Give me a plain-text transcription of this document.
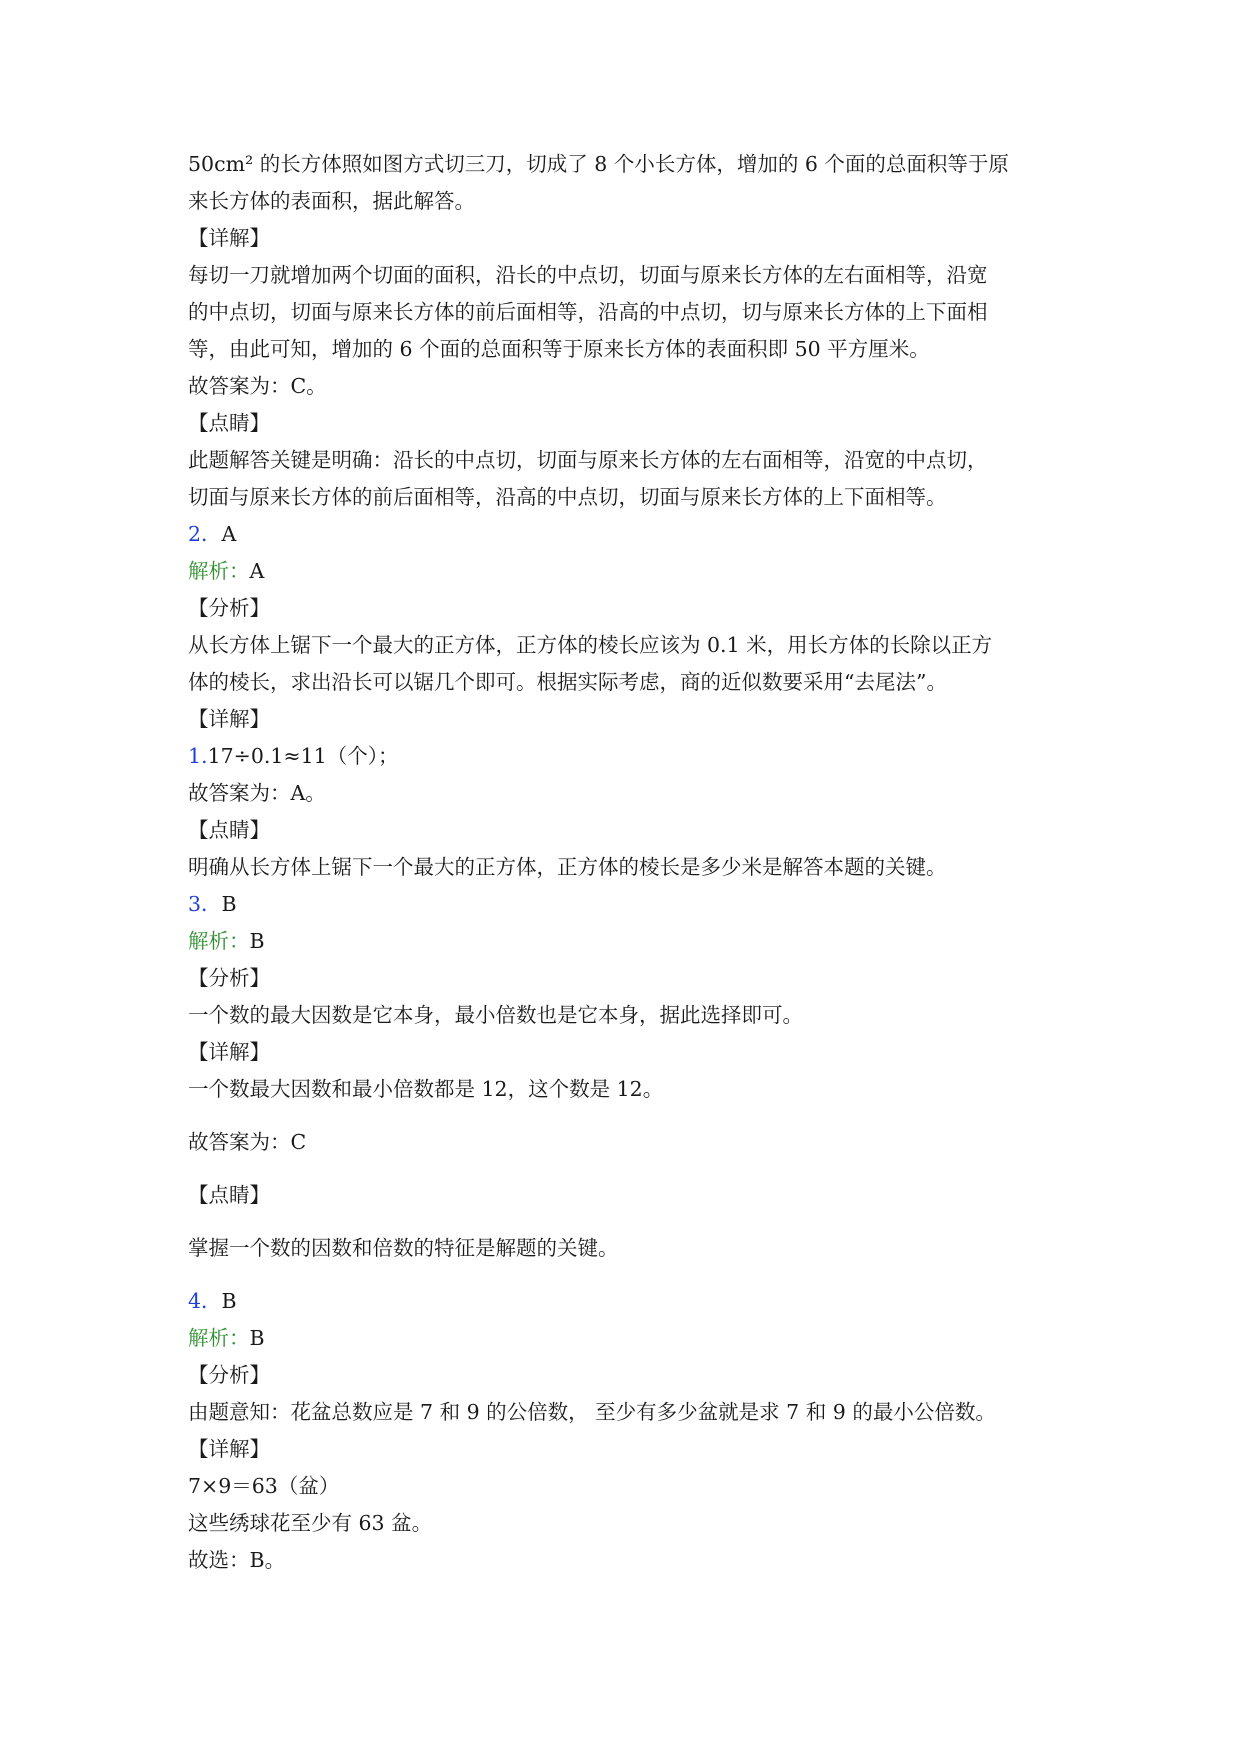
50cm² 的长方体照如图方式切三刀，切成了 8 个小长方体，增加的 6 个面的总面积等于原
来长方体的表面积，据此解答。
【详解】
每切一刀就增加两个切面的面积，沿长的中点切，切面与原来长方体的左右面相等，沿宽
的中点切，切面与原来长方体的前后面相等，沿高的中点切，切与原来长方体的上下面相
等，由此可知，增加的 6 个面的总面积等于原来长方体的表面积即 50 平方厘米。
故答案为：C。
【点睛】
此题解答关键是明确：沿长的中点切，切面与原来长方体的左右面相等，沿宽的中点切，
切面与原来长方体的前后面相等，沿高的中点切，切面与原来长方体的上下面相等。
2．A
解析：A
【分析】
从长方体上锯下一个最大的正方体，正方体的棱长应该为 0.1 米，用长方体的长除以正方
体的棱长，求出沿长可以锯几个即可。根据实际考虑，商的近似数要采用“去尾法”。
【详解】
1.17÷0.1≈11（个）；
故答案为：A。
【点睛】
明确从长方体上锯下一个最大的正方体，正方体的棱长是多少米是解答本题的关键。
3．B
解析：B
【分析】
一个数的最大因数是它本身，最小倍数也是它本身，据此选择即可。
【详解】
一个数最大因数和最小倍数都是 12，这个数是 12。
故答案为：C
【点睛】
掌握一个数的因数和倍数的特征是解题的关键。
4．B
解析：B
【分析】
由题意知：花盆总数应是 7 和 9 的公倍数， 至少有多少盆就是求 7 和 9 的最小公倍数。
【详解】
7×9＝63（盆）
这些绣球花至少有 63 盆。
故选：B。
